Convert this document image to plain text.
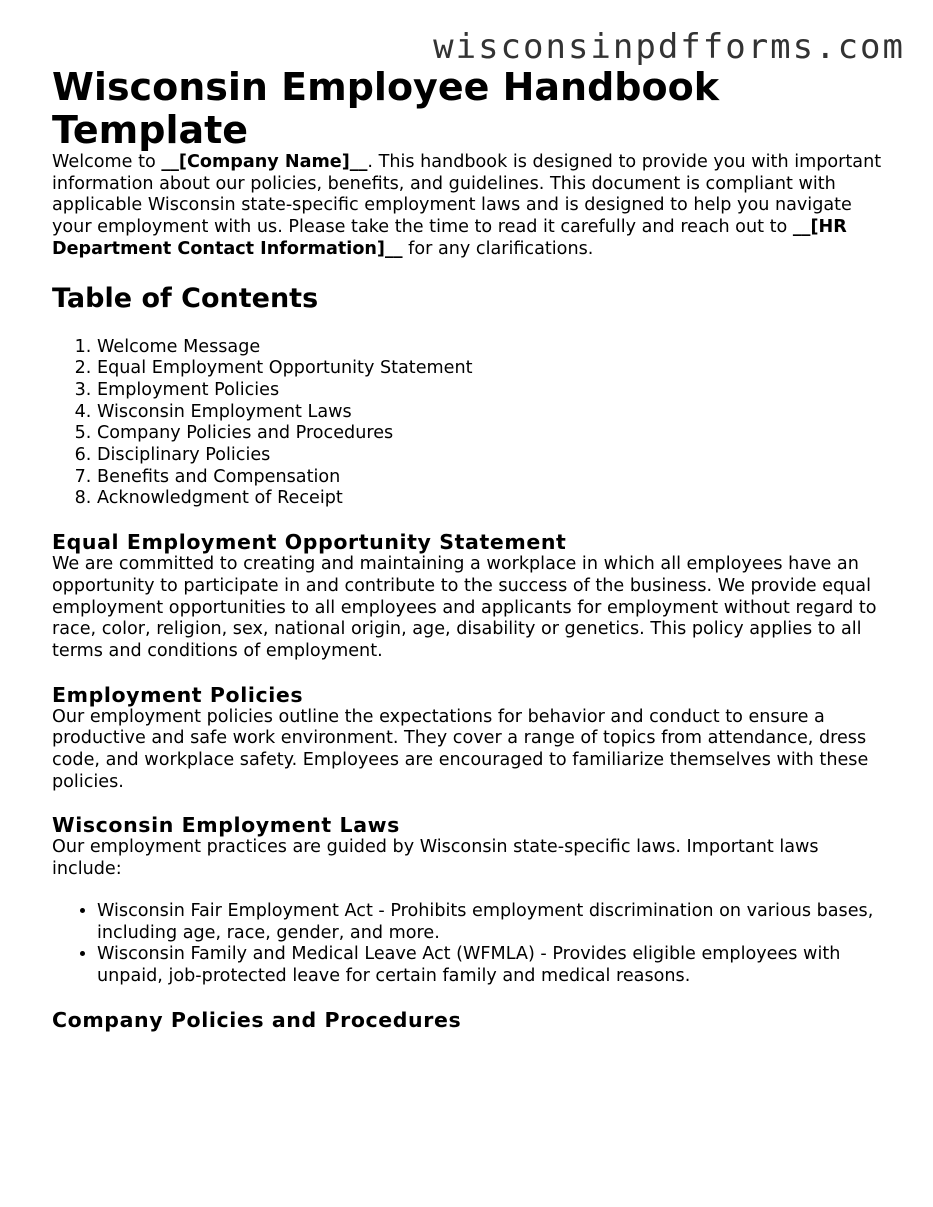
wisconsinpdfforms.com
Wisconsin Employee Handbook Template

Welcome to __[Company Name]__. This handbook is designed to provide you with important information about our policies, benefits, and guidelines. This document is compliant with applicable Wisconsin state-specific employment laws and is designed to help you navigate your employment with us. Please take the time to read it carefully and reach out to __[HR Department Contact Information]__ for any clarifications.

Table of Contents
1. Welcome Message
2. Equal Employment Opportunity Statement
3. Employment Policies
4. Wisconsin Employment Laws
5. Company Policies and Procedures
6. Disciplinary Policies
7. Benefits and Compensation
8. Acknowledgment of Receipt
Equal Employment Opportunity Statement

We are committed to creating and maintaining a workplace in which all employees have an opportunity to participate in and contribute to the success of the business. We provide equal employment opportunities to all employees and applicants for employment without regard to race, color, religion, sex, national origin, age, disability or genetics. This policy applies to all terms and conditions of employment.

Employment Policies

Our employment policies outline the expectations for behavior and conduct to ensure a productive and safe work environment. They cover a range of topics from attendance, dress code, and workplace safety. Employees are encouraged to familiarize themselves with these policies.

Wisconsin Employment Laws

Our employment practices are guided by Wisconsin state-specific laws. Important laws include:

• Wisconsin Fair Employment Act - Prohibits employment discrimination on various bases, including age, race, gender, and more.
• Wisconsin Family and Medical Leave Act (WFMLA) - Provides eligible employees with unpaid, job-protected leave for certain family and medical reasons.
Company Policies and Procedures
